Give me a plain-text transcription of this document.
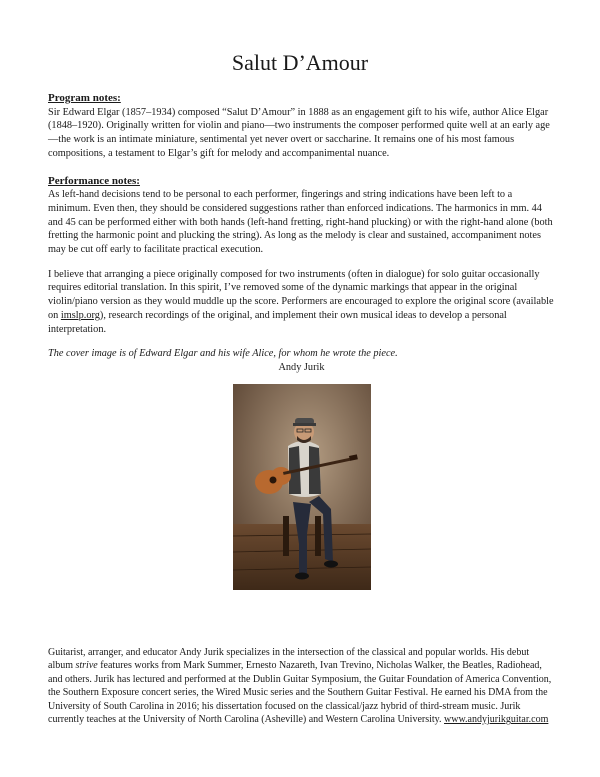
Salut D’Amour

Program notes:

Sir Edward Elgar (1857–1934) composed “Salut D’Amour” in 1888 as an engagement gift to his wife, author Alice Elgar (1848–1920). Originally written for violin and piano—two instruments the composer performed quite well at an early age—the work is an intimate miniature, sentimental yet never overt or saccharine. It remains one of his most famous compositions, a testament to Elgar’s gift for melody and accompanimental nuance.

Performance notes:

As left-hand decisions tend to be personal to each performer, fingerings and string indications have been left to a minimum. Even then, they should be considered suggestions rather than enforced indications. The harmonics in mm. 44 and 45 can be performed either with both hands (left-hand fretting, right-hand plucking) or with the right-hand alone (both fretting the harmonic point and plucking the string). As long as the melody is clear and sustained, accompaniment notes may be cut off early to facilitate practical execution.

I believe that arranging a piece originally composed for two instruments (often in dialogue) for solo guitar occasionally requires editorial translation. In this spirit, I’ve removed some of the dynamic markings that appear in the original violin/piano version as they would muddle up the score. Performers are encouraged to explore the original score (available on imslp.org), research recordings of the original, and implement their own musical ideas to develop a personal interpretation.

The cover image is of Edward Elgar and his wife Alice, for whom he wrote the piece.

Andy Jurik

Guitarist, arranger, and educator Andy Jurik specializes in the intersection of the classical and popular worlds. His debut album strive features works from Mark Summer, Ernesto Nazareth, Ivan Trevino, Nicholas Walker, the Beatles, Radiohead, and others. Jurik has lectured and performed at the Dublin Guitar Symposium, the Guitar Foundation of America Convention, the Southern Exposure concert series, the Wired Music series and the Southern Guitar Festival. He earned his DMA from the University of South Carolina in 2016; his dissertation focused on the classical/jazz hybrid of third-stream music. Jurik currently teaches at the University of North Carolina (Asheville) and Western Carolina University. www.andyjurikguitar.com
